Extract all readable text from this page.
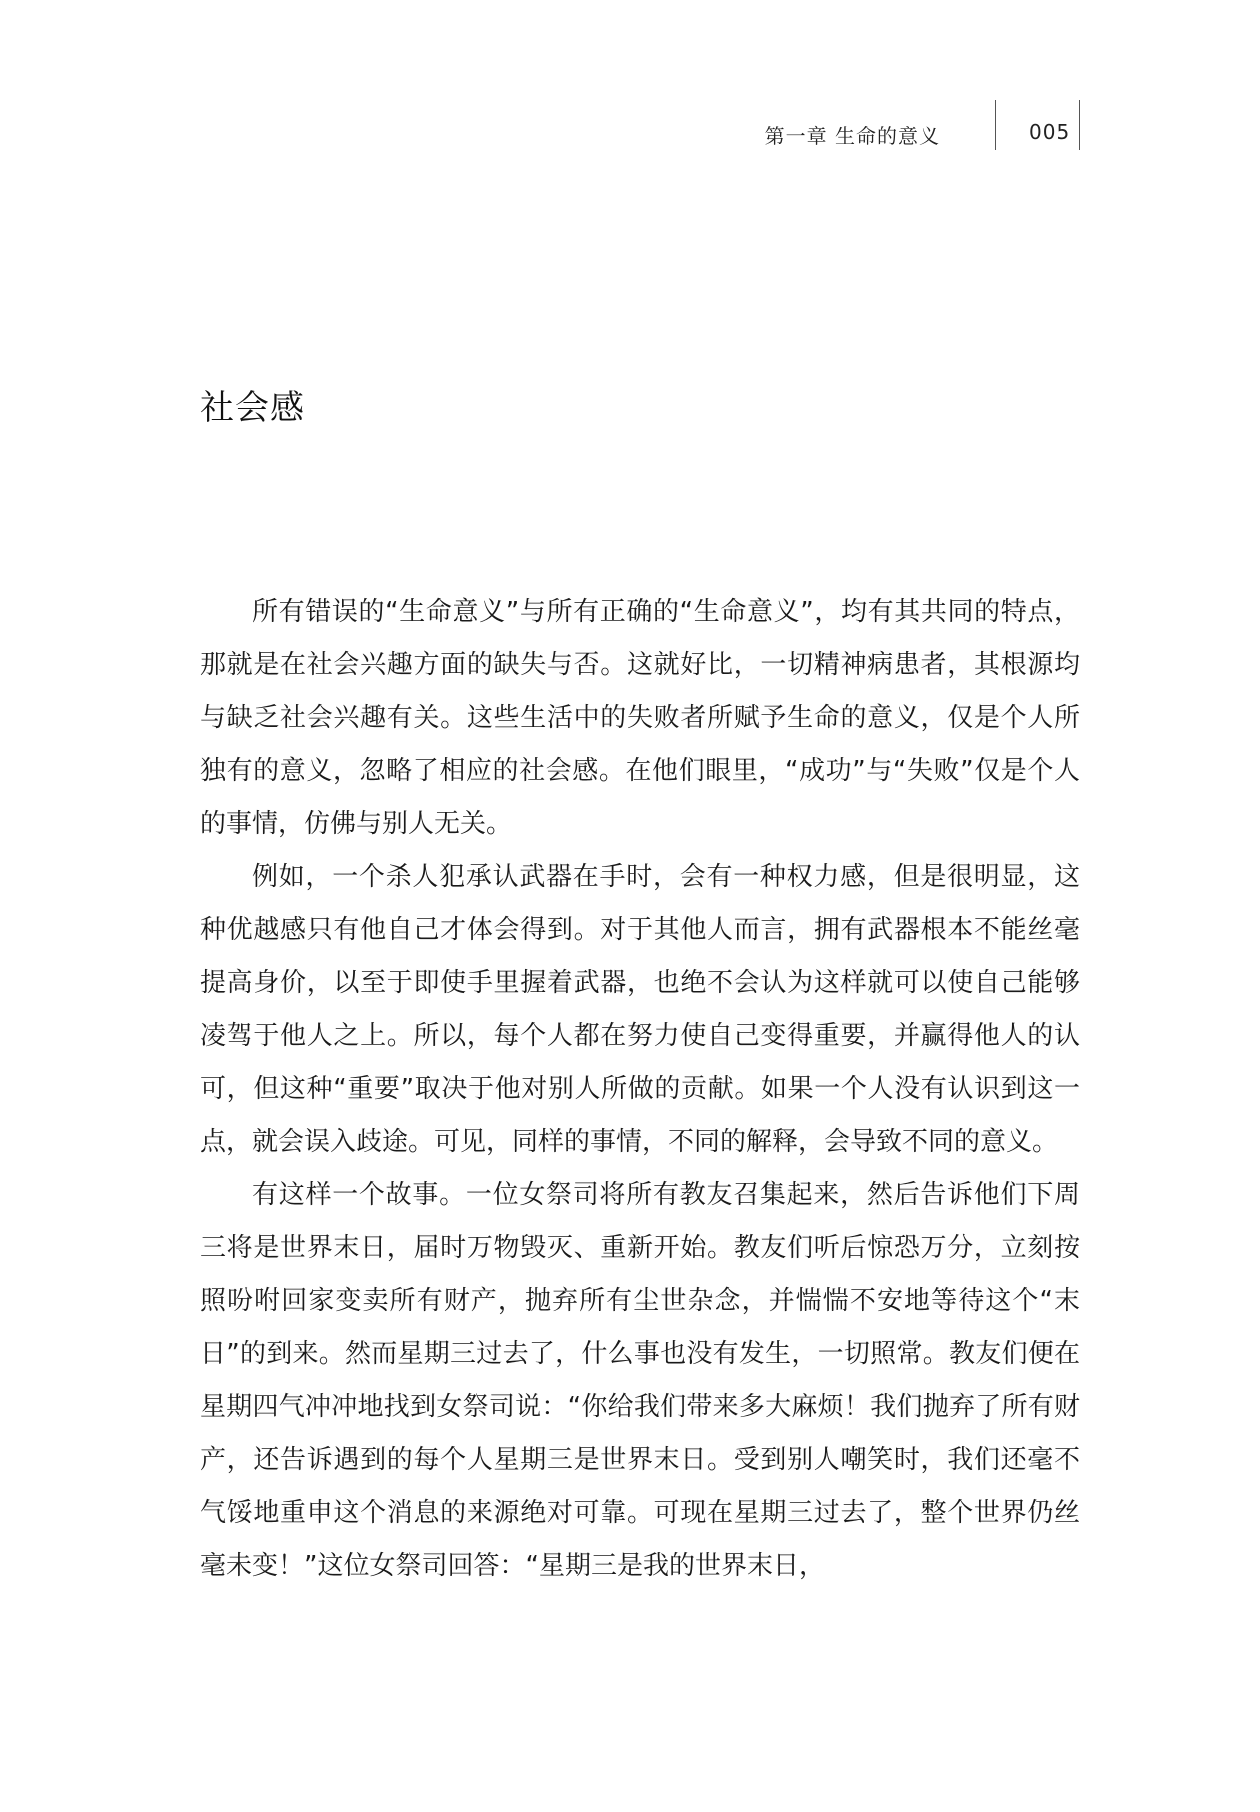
第一章 生命的意义	005
社会感

所有错误的“生命意义”与所有正确的“生命意义”，均有其共同的特点，那就是在社会兴趣方面的缺失与否。这就好比，一切精神病患者，其根源均与缺乏社会兴趣有关。这些生活中的失败者所赋予生命的意义，仅是个人所独有的意义，忽略了相应的社会感。在他们眼里，“成功”与“失败”仅是个人的事情，仿佛与别人无关。

例如，一个杀人犯承认武器在手时，会有一种权力感，但是很明显，这种优越感只有他自己才体会得到。对于其他人而言，拥有武器根本不能丝毫提高身价，以至于即使手里握着武器，也绝不会认为这样就可以使自己能够凌驾于他人之上。所以，每个人都在努力使自己变得重要，并赢得他人的认可，但这种“重要”取决于他对别人所做的贡献。如果一个人没有认识到这一点，就会误入歧途。可见，同样的事情，不同的解释，会导致不同的意义。

有这样一个故事。一位女祭司将所有教友召集起来，然后告诉他们下周三将是世界末日，届时万物毁灭、重新开始。教友们听后惊恐万分，立刻按照吩咐回家变卖所有财产，抛弃所有尘世杂念，并惴惴不安地等待这个“末日”的到来。然而星期三过去了，什么事也没有发生，一切照常。教友们便在星期四气冲冲地找到女祭司说：“你给我们带来多大麻烦！我们抛弃了所有财产，还告诉遇到的每个人星期三是世界末日。受到别人嘲笑时，我们还毫不气馁地重申这个消息的来源绝对可靠。可现在星期三过去了，整个世界仍丝毫未变！”这位女祭司回答：“星期三是我的世界末日，
